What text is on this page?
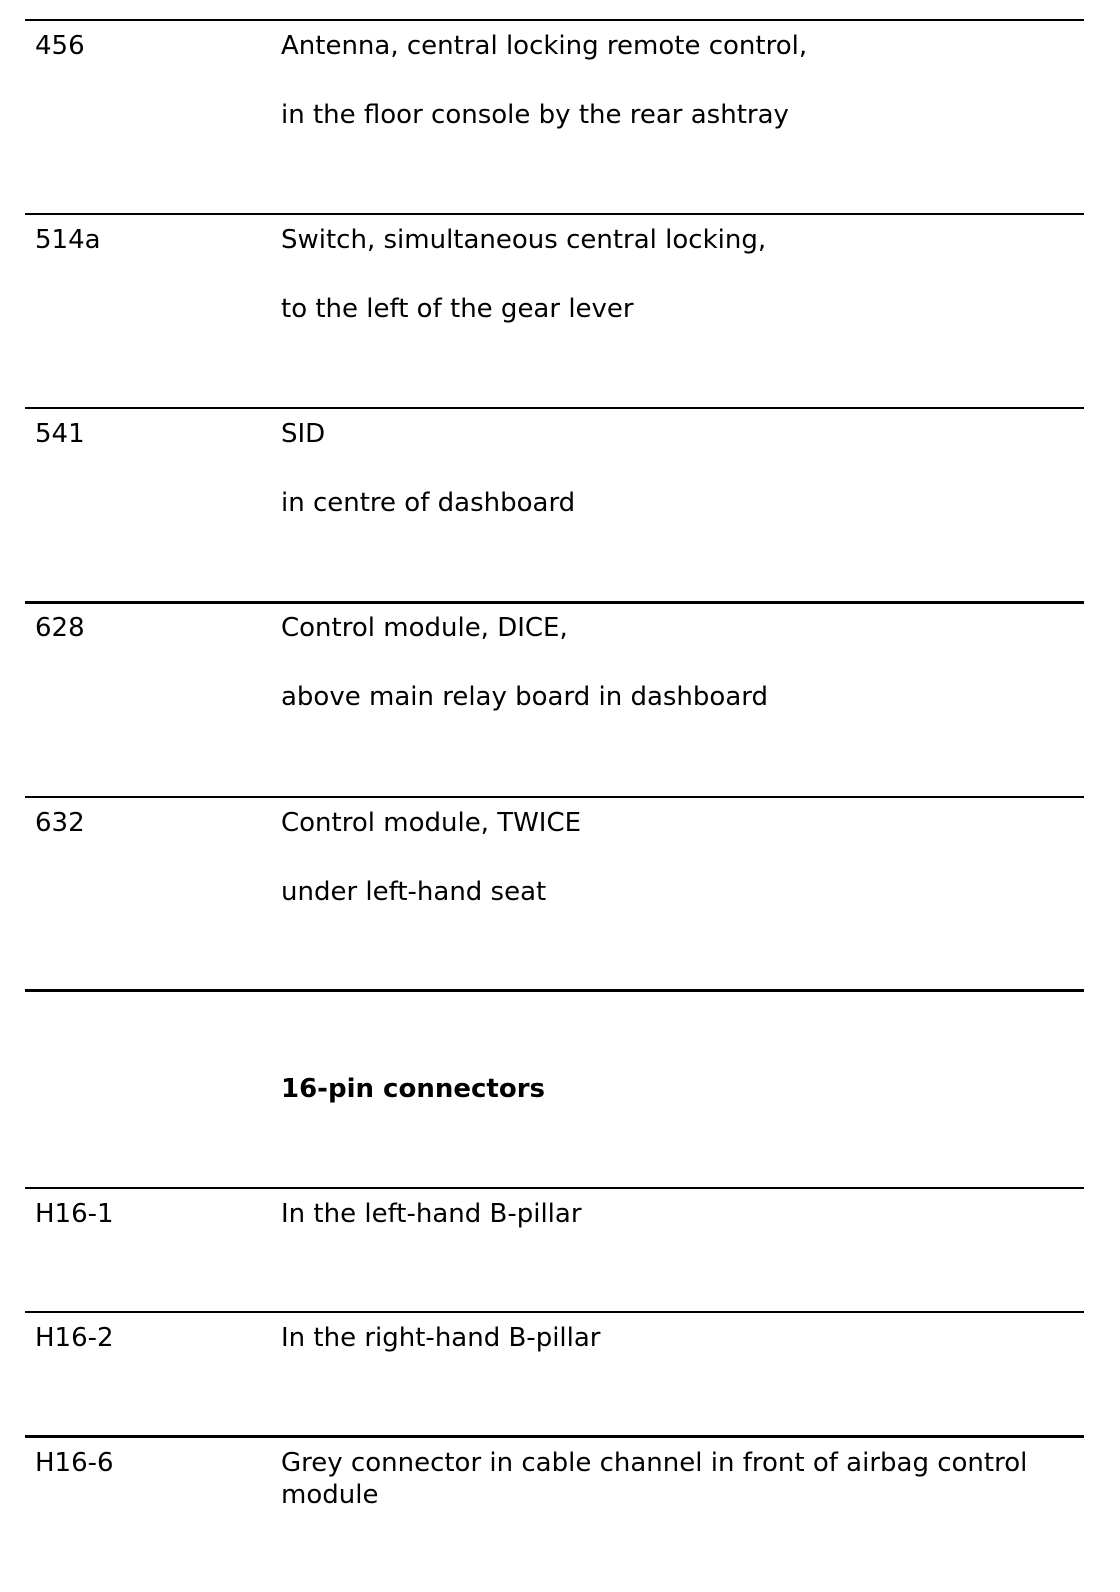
456	Antenna, central locking remote control,
in the floor console by the rear ashtray
514a	Switch, simultaneous central locking,
to the left of the gear lever
541	SID
in centre of dashboard
628	Control module, DICE,
above main relay board in dashboard
632	Control module, TWICE
under left-hand seat
16-pin connectors
H16-1	In the left-hand B-pillar
H16-2	In the right-hand B-pillar
H16-6	Grey connector in cable channel in front of airbag control module
